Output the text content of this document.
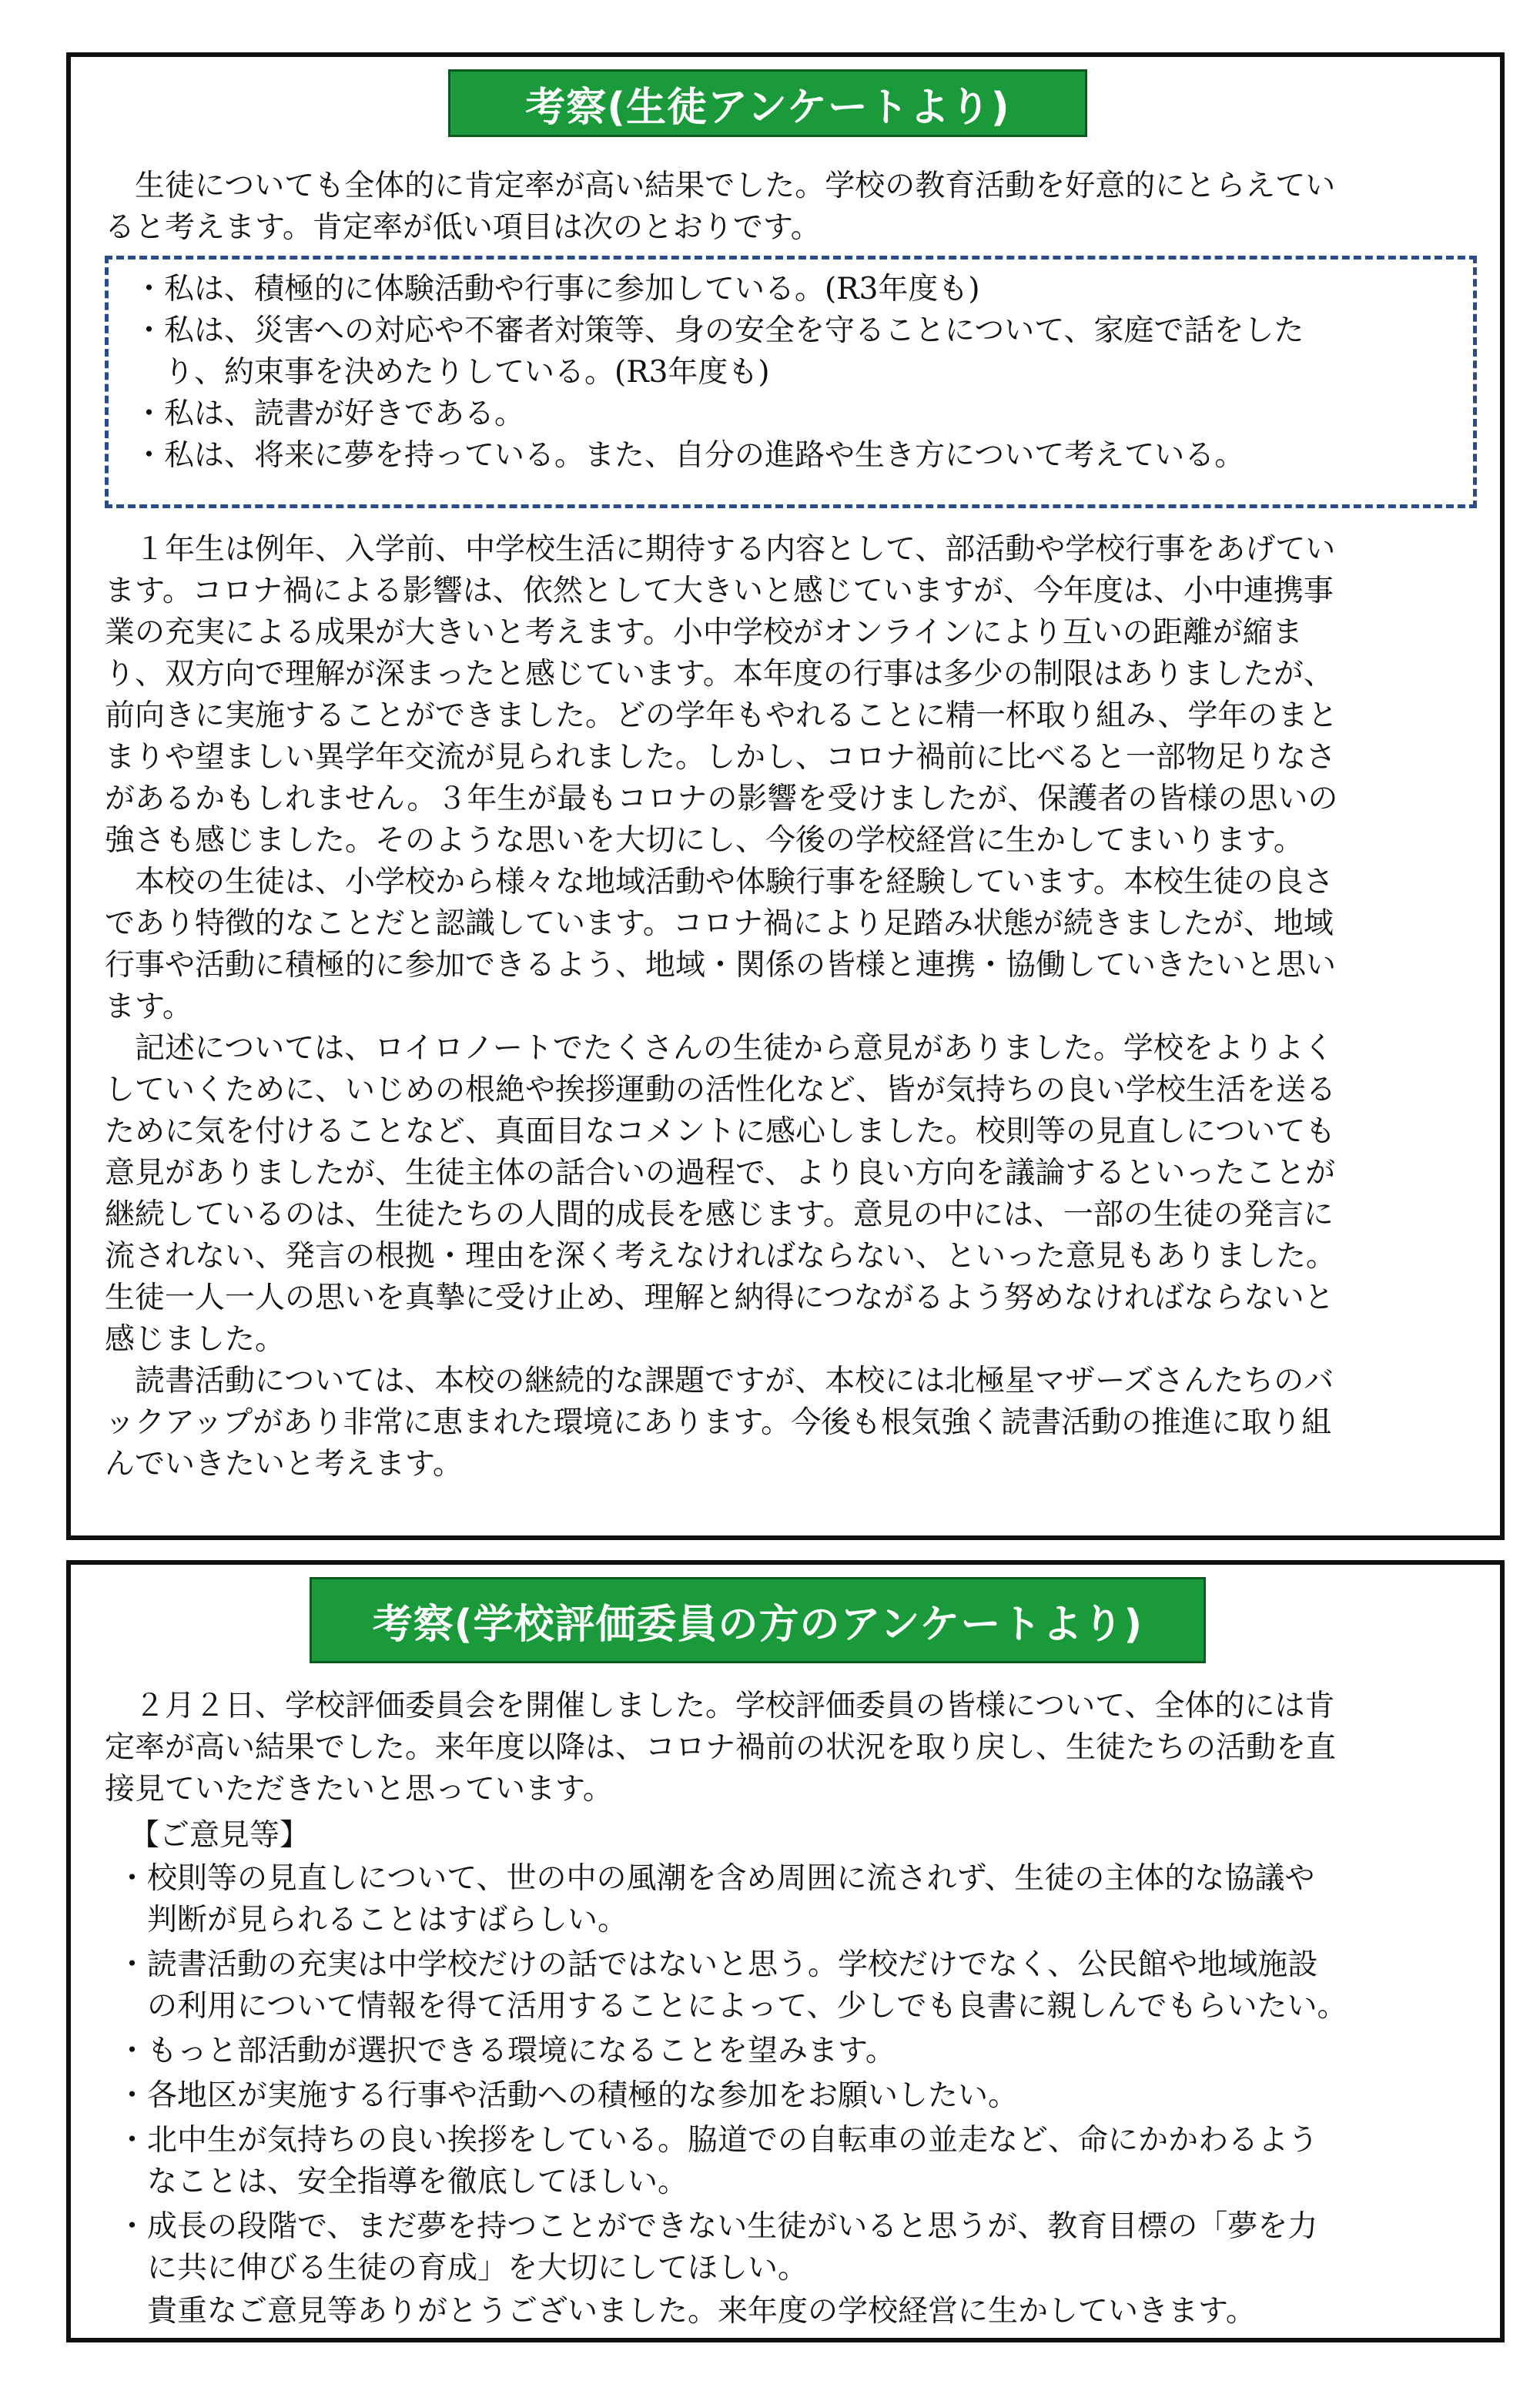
考察(生徒アンケートより)
　生徒についても全体的に肯定率が高い結果でした。学校の教育活動を好意的にとらえてい
ると考えます。肯定率が低い項目は次のとおりです。
・私は、積極的に体験活動や行事に参加している。(R3年度も)
・私は、災害への対応や不審者対策等、身の安全を守ることについて、家庭で話をした
　り、約束事を決めたりしている。(R3年度も)
・私は、読書が好きである。
・私は、将来に夢を持っている。また、自分の進路や生き方について考えている。
　１年生は例年、入学前、中学校生活に期待する内容として、部活動や学校行事をあげてい
ます。コロナ禍による影響は、依然として大きいと感じていますが、今年度は、小中連携事
業の充実による成果が大きいと考えます。小中学校がオンラインにより互いの距離が縮ま
り、双方向で理解が深まったと感じています。本年度の行事は多少の制限はありましたが、
前向きに実施することができました。どの学年もやれることに精一杯取り組み、学年のまと
まりや望ましい異学年交流が見られました。しかし、コロナ禍前に比べると一部物足りなさ
があるかもしれません。３年生が最もコロナの影響を受けましたが、保護者の皆様の思いの
強さも感じました。そのような思いを大切にし、今後の学校経営に生かしてまいります。
　本校の生徒は、小学校から様々な地域活動や体験行事を経験しています。本校生徒の良さ
であり特徴的なことだと認識しています。コロナ禍により足踏み状態が続きましたが、地域
行事や活動に積極的に参加できるよう、地域・関係の皆様と連携・協働していきたいと思い
ます。
　記述については、ロイロノートでたくさんの生徒から意見がありました。学校をよりよく
していくために、いじめの根絶や挨拶運動の活性化など、皆が気持ちの良い学校生活を送る
ために気を付けることなど、真面目なコメントに感心しました。校則等の見直しについても
意見がありましたが、生徒主体の話合いの過程で、より良い方向を議論するといったことが
継続しているのは、生徒たちの人間的成長を感じます。意見の中には、一部の生徒の発言に
流されない、発言の根拠・理由を深く考えなければならない、といった意見もありました。
生徒一人一人の思いを真摯に受け止め、理解と納得につながるよう努めなければならないと
感じました。
　読書活動については、本校の継続的な課題ですが、本校には北極星マザーズさんたちのバ
ックアップがあり非常に恵まれた環境にあります。今後も根気強く読書活動の推進に取り組
んでいきたいと考えます。
考察(学校評価委員の方のアンケートより)
　２月２日、学校評価委員会を開催しました。学校評価委員の皆様について、全体的には肯
定率が高い結果でした。来年度以降は、コロナ禍前の状況を取り戻し、生徒たちの活動を直
接見ていただきたいと思っています。
【ご意見等】
・校則等の見直しについて、世の中の風潮を含め周囲に流されず、生徒の主体的な協議や
　判断が見られることはすばらしい。
・読書活動の充実は中学校だけの話ではないと思う。学校だけでなく、公民館や地域施設
　の利用について情報を得て活用することによって、少しでも良書に親しんでもらいたい。
・もっと部活動が選択できる環境になることを望みます。
・各地区が実施する行事や活動への積極的な参加をお願いしたい。
・北中生が気持ちの良い挨拶をしている。脇道での自転車の並走など、命にかかわるよう
　なことは、安全指導を徹底してほしい。
・成長の段階で、まだ夢を持つことができない生徒がいると思うが、教育目標の「夢を力
　に共に伸びる生徒の育成」を大切にしてほしい。
　貴重なご意見等ありがとうございました。来年度の学校経営に生かしていきます。
